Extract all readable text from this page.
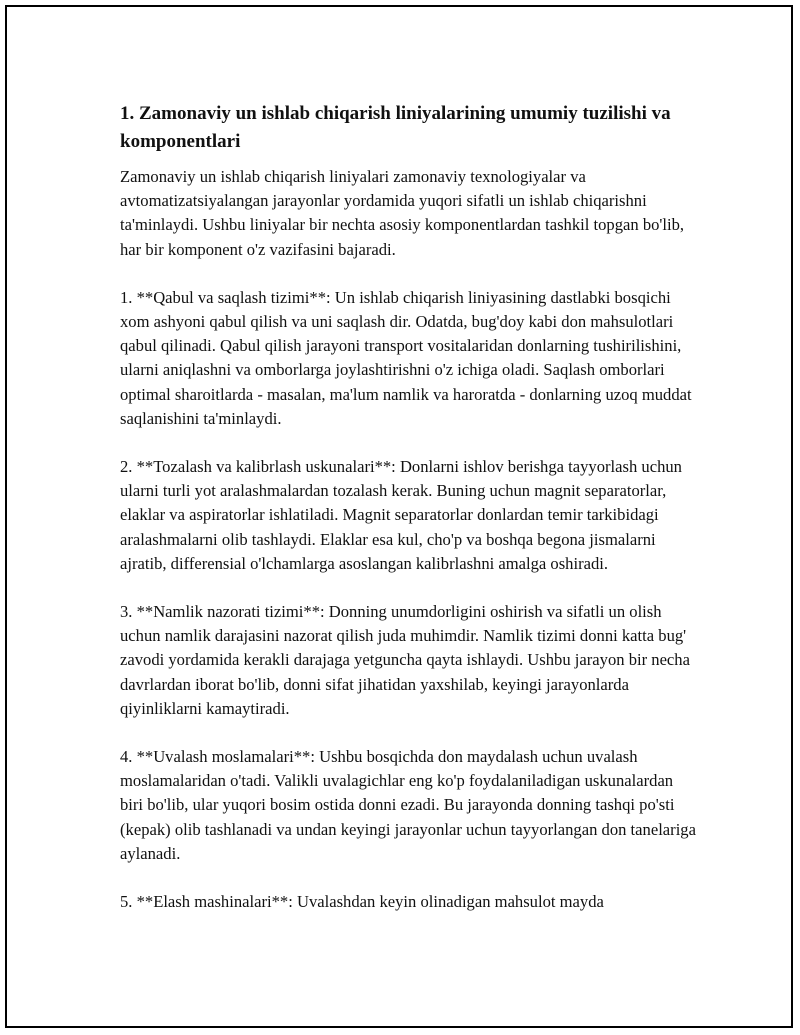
1. Zamonaviy un ishlab chiqarish liniyalarining umumiy tuzilishi va komponentlari

Zamonaviy un ishlab chiqarish liniyalari zamonaviy texnologiyalar va avtomatizatsiyalangan jarayonlar yordamida yuqori sifatli un ishlab chiqarishni ta'minlaydi. Ushbu liniyalar bir nechta asosiy komponentlardan tashkil topgan bo'lib, har bir komponent o'z vazifasini bajaradi.

1. **Qabul va saqlash tizimi**: Un ishlab chiqarish liniyasining dastlabki bosqichi xom ashyoni qabul qilish va uni saqlash dir. Odatda, bug'doy kabi don mahsulotlari qabul qilinadi. Qabul qilish jarayoni transport vositalaridan donlarning tushirilishini, ularni aniqlashni va omborlarga joylashtirishni o'z ichiga oladi. Saqlash omborlari optimal sharoitlarda - masalan, ma'lum namlik va haroratda - donlarning uzoq muddat saqlanishini ta'minlaydi.

2. **Tozalash va kalibrlash uskunalari**: Donlarni ishlov berishga tayyorlash uchun ularni turli yot aralashmalardan tozalash kerak. Buning uchun magnit separatorlar, elaklar va aspiratorlar ishlatiladi. Magnit separatorlar donlardan temir tarkibidagi aralashmalarni olib tashlaydi. Elaklar esa kul, cho'p va boshqa begona jismalarni ajratib, differensial o'lchamlarga asoslangan kalibrlashni amalga oshiradi.

3. **Namlik nazorati tizimi**: Donning unumdorligini oshirish va sifatli un olish uchun namlik darajasini nazorat qilish juda muhimdir. Namlik tizimi donni katta bug' zavodi yordamida kerakli darajaga yetguncha qayta ishlaydi. Ushbu jarayon bir necha davrlardan iborat bo'lib, donni sifat jihatidan yaxshilab, keyingi jarayonlarda qiyinliklarni kamaytiradi.

4. **Uvalash moslamalari**: Ushbu bosqichda don maydalash uchun uvalash moslamalaridan o'tadi. Valikli uvalagichlar eng ko'p foydalaniladigan uskunalardan biri bo'lib, ular yuqori bosim ostida donni ezadi. Bu jarayonda donning tashqi po'sti (kepak) olib tashlanadi va undan keyingi jarayonlar uchun tayyorlangan don tanelariga aylanadi.

5. **Elash mashinalari**: Uvalashdan keyin olinadigan mahsulot mayda
